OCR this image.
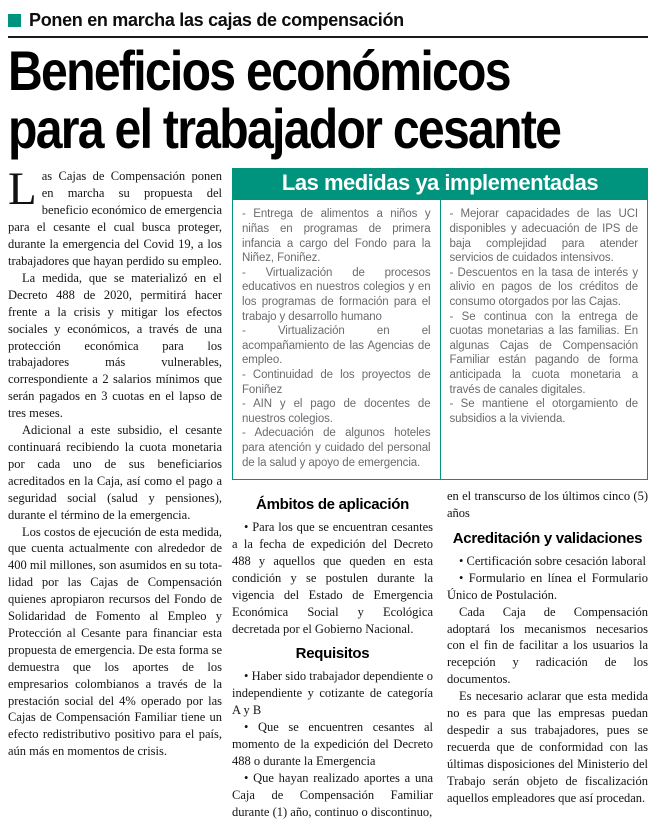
Ponen en marcha las cajas de compensación
Beneficios económicos
para el trabajador cesante

Las Cajas de Compensación ponen en marcha su propuesta del beneficio económico de emergencia para el cesante el cual busca proteger, durante la emergencia del Covid 19, a los trabajadores que hayan perdido su empleo.

La medida, que se materializó en el Decreto 488 de 2020, permitirá hacer frente a la crisis y mitigar los efectos sociales y económicos, a través de una protección económica para los trabajadores más vulnerables, correspondiente a 2 salarios mínimos que serán pagados en 3 cuotas en el lapso de tres meses.

Adicional a este subsidio, el cesante continuará recibiendo la cuota monetaria por cada uno de sus beneficiarios acreditados en la Caja, así como el pago a seguridad social (salud y pensiones), durante el término de la emergencia.

Los costos de ejecución de esta medida, que cuenta actualmente con alrededor de 400 mil millones, son asumidos en su tota-lidad por las Cajas de Compensación quienes apropiaron recursos del Fondo de Solidaridad de Fomento al Empleo y Protección al Cesante para financiar esta propuesta de emergencia. De esta forma se demuestra que los aportes de los empresarios colombianos a través de la prestación social del 4% operado por las Cajas de Compensación Familiar tiene un efecto redistributivo positivo para el país, aún más en momentos de crisis.

Las medidas ya implementadas

- Entrega de alimentos a niños y niñas en programas de primera infancia a cargo del Fondo para la Niñez, Foniñez.

- Virtualización de procesos educativos en nuestros colegios y en los programas de formación para el trabajo y desarrollo humano

- Virtualización en el acompañamiento de las Agencias de empleo.

- Continuidad de los proyectos de Foniñez

- AIN y el pago de docentes de nuestros colegios.

- Adecuación de algunos hoteles para atención y cuidado del personal de la salud y apoyo de emergencia.

- Mejorar capacidades de las UCI disponibles y adecuación de IPS de baja complejidad para atender servicios de cuidados intensivos.

- Descuentos en la tasa de interés y alivio en pagos de los créditos de consumo otorgados por las Cajas.

- Se continua con la entrega de cuotas monetarias a las familias. En algunas Cajas de Compensación Familiar están pagando de forma anticipada la cuota monetaria a través de canales digitales.

- Se mantiene el otorgamiento de subsidios a la vivienda.

Ámbitos de aplicación

• Para los que se encuentran cesantes a la fecha de expedición del Decreto 488 y aquellos que queden en esta condición y se postulen durante la vigencia del Estado de Emergencia Económica Social y Ecológica decretada por el Gobierno Nacional.

Requisitos

• Haber sido trabajador dependiente o independiente y cotizante de categoría A y B

• Que se encuentren cesantes al momento de la expedición del Decreto 488 o durante la Emergencia

• Que hayan realizado aportes a una Caja de Compensación Familiar durante (1) año, continuo o discontinuo,

en el transcurso de los últimos cinco (5) años

Acreditación y validaciones

• Certificación sobre cesación laboral

• Formulario en línea el Formulario Único de Postulación.

Cada Caja de Compensación adoptará los mecanismos necesarios con el fin de facilitar a los usuarios la recepción y radicación de los documentos.

Es necesario aclarar que esta medida no es para que las empresas puedan despedir a sus trabajadores, pues se recuerda que de conformidad con las últimas disposiciones del Ministerio del Trabajo serán objeto de fiscalización aquellos empleadores que así procedan.
